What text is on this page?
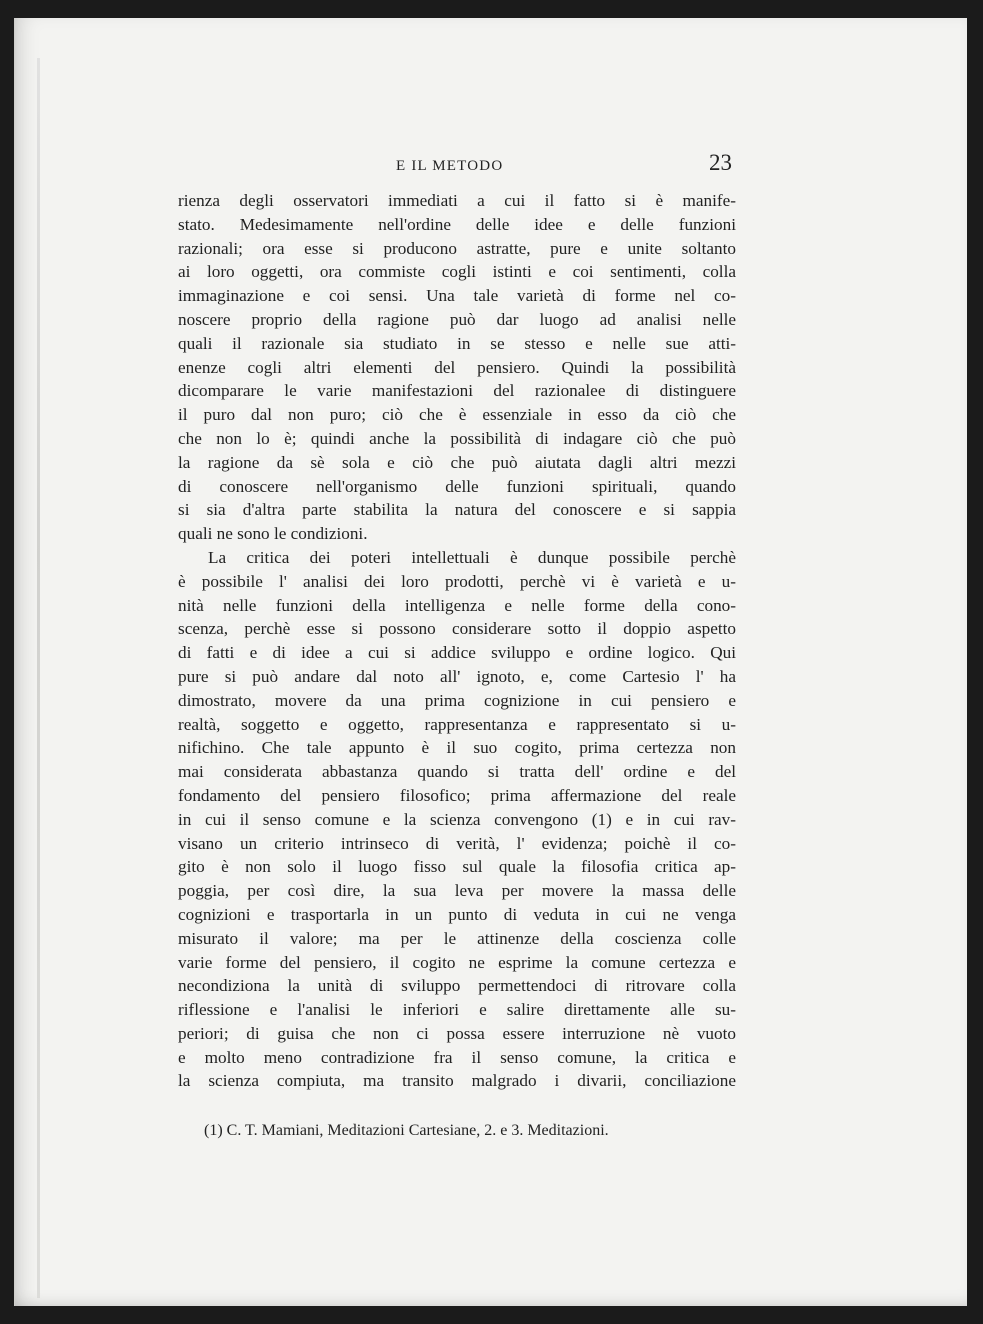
E IL METODO	23
rienza degli osservatori immediati a cui il fatto si è manife-
stato. Medesimamente nell'ordine delle idee e delle funzioni
razionali; ora esse si producono astratte, pure e unite soltanto
ai loro oggetti, ora commiste cogli istinti e coi sentimenti, colla
immaginazione e coi sensi. Una tale varietà di forme nel co-
noscere proprio della ragione può dar luogo ad analisi nelle
quali il razionale sia studiato in se stesso e nelle sue atti-
enenze cogli altri elementi del pensiero. Quindi la possibilità
dicomparare le varie manifestazioni del razionalee di distinguere
il puro dal non puro; ciò che è essenziale in esso da ciò che
che non lo è; quindi anche la possibilità di indagare ciò che può
la ragione da sè sola e ciò che può aiutata dagli altri mezzi
di conoscere nell'organismo delle funzioni spirituali, quando
si sia d'altra parte stabilita la natura del conoscere e si sappia
quali ne sono le condizioni.
La critica dei poteri intellettuali è dunque possibile perchè
è possibile l' analisi dei loro prodotti, perchè vi è varietà e u-
nità nelle funzioni della intelligenza e nelle forme della cono-
scenza, perchè esse si possono considerare sotto il doppio aspetto
di fatti e di idee a cui si addice sviluppo e ordine logico. Qui
pure si può andare dal noto all' ignoto, e, come Cartesio l' ha
dimostrato, movere da una prima cognizione in cui pensiero e
realtà, soggetto e oggetto, rappresentanza e rappresentato si u-
nifichino. Che tale appunto è il suo cogito, prima certezza non
mai considerata abbastanza quando si tratta dell' ordine e del
fondamento del pensiero filosofico; prima affermazione del reale
in cui il senso comune e la scienza convengono (1) e in cui rav-
visano un criterio intrinseco di verità, l' evidenza; poichè il co-
gito è non solo il luogo fisso sul quale la filosofia critica ap-
poggia, per così dire, la sua leva per movere la massa delle
cognizioni e trasportarla in un punto di veduta in cui ne venga
misurato il valore; ma per le attinenze della coscienza colle
varie forme del pensiero, il cogito ne esprime la comune certezza e
necondiziona la unità di sviluppo permettendoci di ritrovare colla
riflessione e l'analisi le inferiori e salire direttamente alle su-
periori; di guisa che non ci possa essere interruzione nè vuoto
e molto meno contradizione fra il senso comune, la critica e
la scienza compiuta, ma transito malgrado i divarii, conciliazione
(1) C. T. Mamiani, Meditazioni Cartesiane, 2. e 3. Meditazioni.
